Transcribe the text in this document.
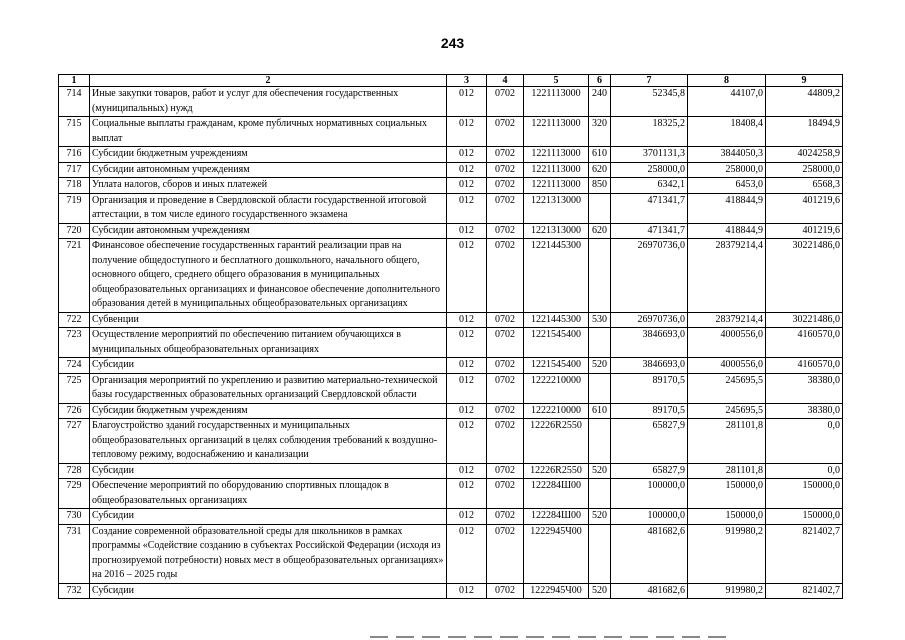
243
1	2	3	4	5	6	7	8	9
714	Иные закупки товаров, работ и услуг для обеспечения государственных (муниципальных) нужд	012	0702	1221113000	240	52345,8	44107,0	44809,2
715	Социальные выплаты гражданам, кроме публичных нормативных социальных выплат	012	0702	1221113000	320	18325,2	18408,4	18494,9
716	Субсидии бюджетным учреждениям	012	0702	1221113000	610	3701131,3	3844050,3	4024258,9
717	Субсидии автономным учреждениям	012	0702	1221113000	620	258000,0	258000,0	258000,0
718	Уплата налогов, сборов и иных платежей	012	0702	1221113000	850	6342,1	6453,0	6568,3
719	Организация и проведение в Свердловской области государственной итоговой аттестации, в том числе единого государственного экзамена	012	0702	1221313000		471341,7	418844,9	401219,6
720	Субсидии автономным учреждениям	012	0702	1221313000	620	471341,7	418844,9	401219,6
721	Финансовое обеспечение государственных гарантий реализации прав на получение общедоступного и бесплатного дошкольного, начального общего, основного общего, среднего общего образования в муниципальных общеобразовательных организациях и финансовое обеспечение дополнительного образования детей в муниципальных общеобразовательных организациях	012	0702	1221445300		26970736,0	28379214,4	30221486,0
722	Субвенции	012	0702	1221445300	530	26970736,0	28379214,4	30221486,0
723	Осуществление мероприятий по обеспечению питанием обучающихся в муниципальных общеобразовательных организациях	012	0702	1221545400		3846693,0	4000556,0	4160570,0
724	Субсидии	012	0702	1221545400	520	3846693,0	4000556,0	4160570,0
725	Организация мероприятий по укреплению и развитию материально-технической базы государственных образовательных организаций Свердловской области	012	0702	1222210000		89170,5	245695,5	38380,0
726	Субсидии бюджетным учреждениям	012	0702	1222210000	610	89170,5	245695,5	38380,0
727	Благоустройство зданий государственных и муниципальных общеобразовательных организаций в целях соблюдения требований к воздушно-тепловому режиму, водоснабжению и канализации	012	0702	12226R2550		65827,9	281101,8	0,0
728	Субсидии	012	0702	12226R2550	520	65827,9	281101,8	0,0
729	Обеспечение мероприятий по оборудованию спортивных площадок в общеобразовательных организациях	012	0702	122284Ш00		100000,0	150000,0	150000,0
730	Субсидии	012	0702	122284Ш00	520	100000,0	150000,0	150000,0
731	Создание современной образовательной среды для школьников в рамках программы «Содействие созданию в субъектах Российской Федерации (исходя из прогнозируемой потребности) новых мест в общеобразовательных организациях» на 2016 – 2025 годы	012	0702	1222945Ч00		481682,6	919980,2	821402,7
732	Субсидии	012	0702	1222945Ч00	520	481682,6	919980,2	821402,7
